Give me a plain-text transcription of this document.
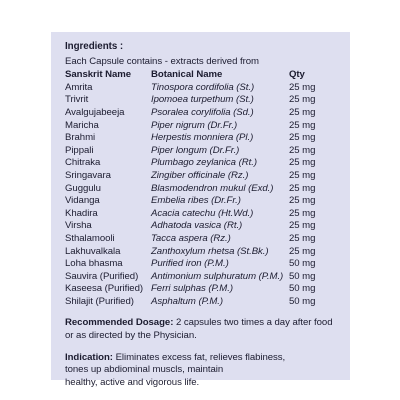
Ingredients :
Each Capsule contains - extracts derived from
Sanskrit Name	Botanical Name	Qty
Amrita	Tinospora cordifolia (St.)	25 mg
Trivrit	Ipomoea turpethum (St.)	25 mg
Avalgujabeeja	Psoralea corylifolia (Sd.)	25 mg
Maricha	Piper nigrum (Dr.Fr.)	25 mg
Brahmi	Herpestis monniera (Pl.)	25 mg
Pippali	Piper longum (Dr.Fr.)	25 mg
Chitraka	Plumbago zeylanica (Rt.)	25 mg
Sringavara	Zingiber officinale (Rz.)	25 mg
Guggulu	Blasmodendron mukul (Exd.)	25 mg
Vidanga	Embelia ribes (Dr.Fr.)	25 mg
Khadira	Acacia catechu (Ht.Wd.)	25 mg
Virsha	Adhatoda vasica (Rt.)	25 mg
Sthalamooli	Tacca aspera (Rz.)	25 mg
Lakhuvalkala	Zanthoxylum rhetsa (St.Bk.)	25 mg
Loha bhasma	Purified iron (P.M.)	50 mg
Sauvira (Purified)	Antimonium sulphuratum (P.M.)	50 mg
Kaseesa (Purified)	Ferri sulphas (P.M.)	50 mg
Shilajit (Purified)	Asphaltum (P.M.)	50 mg
Recommended Dosage: 2 capsules two times a day after food
or as directed by the Physician.
Indication: Eliminates excess fat, relieves flabiness,
tones up abdiominal muscls, maintain
healthy, active and vigorous life.
